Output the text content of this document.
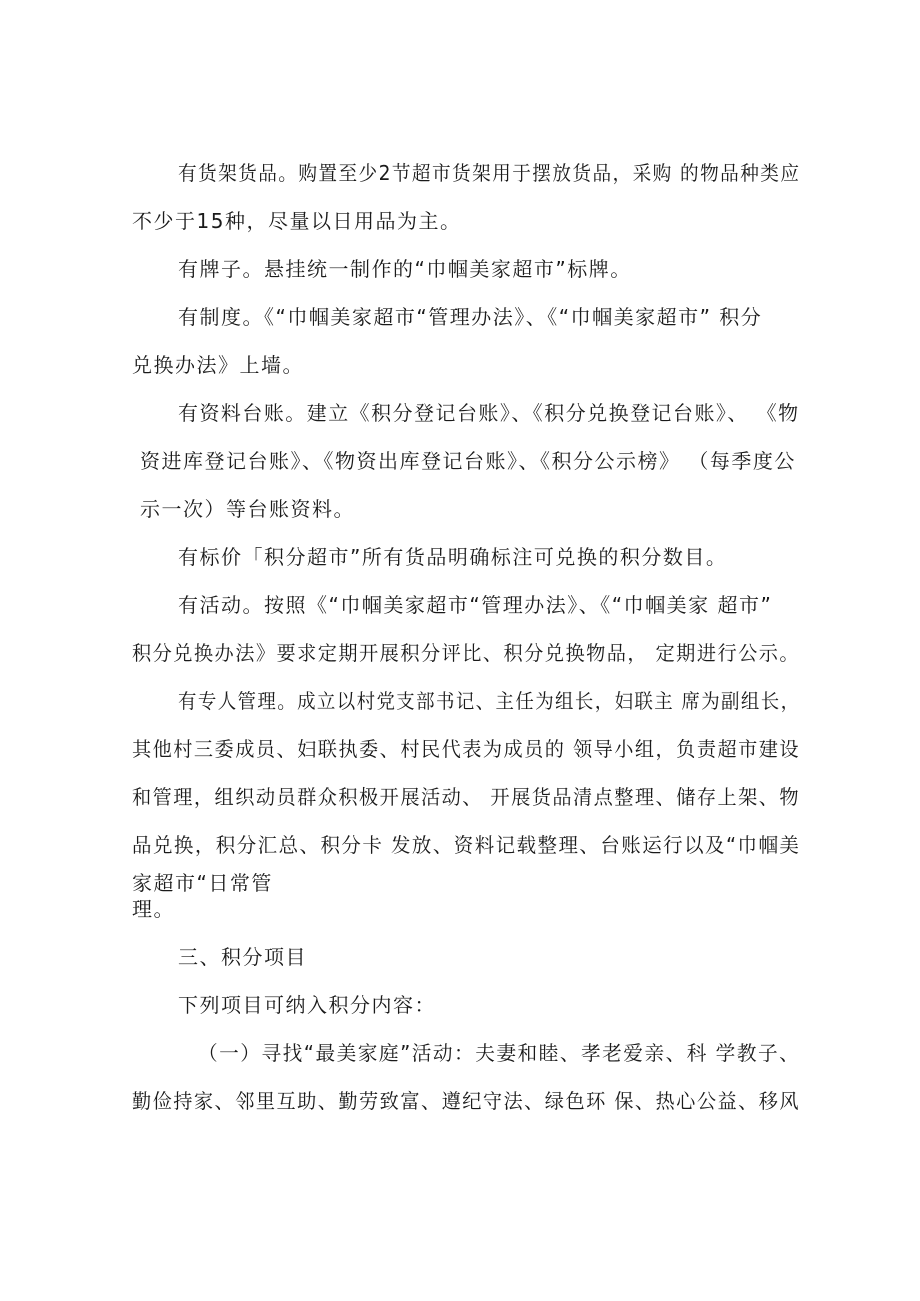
有货架货品。购置至少2节超市货架用于摆放货品，采购 的物品种类应
不少于15种，尽量以日用品为主。
有牌子。悬挂统一制作的“巾帼美家超市”标牌。
有制度。《“巾帼美家超市“管理办法》、《“巾帼美家超市” 积分
兑换办法》上墙。
有资料台账。建立《积分登记台账》、《积分兑换登记台账》、 《物
资进库登记台账》、《物资出库登记台账》、《积分公示榜》 （每季度公
示一次）等台账资料。
有标价「积分超市”所有货品明确标注可兑换的积分数目。
有活动。按照《“巾帼美家超市“管理办法》、《“巾帼美家 超市”
积分兑换办法》要求定期开展积分评比、积分兑换物品， 定期进行公示。
有专人管理。成立以村党支部书记、主任为组长，妇联主 席为副组长，
其他村三委成员、妇联执委、村民代表为成员的 领导小组，负责超市建设
和管理，组织动员群众积极开展活动、 开展货品清点整理、储存上架、物
品兑换，积分汇总、积分卡 发放、资料记载整理、台账运行以及“巾帼美
家超市“日常管
理。
三、积分项目
下列项目可纳入积分内容：
（一）寻找“最美家庭”活动：夫妻和睦、孝老爱亲、科 学教子、
勤俭持家、邻里互助、勤劳致富、遵纪守法、绿色环 保、热心公益、移风
